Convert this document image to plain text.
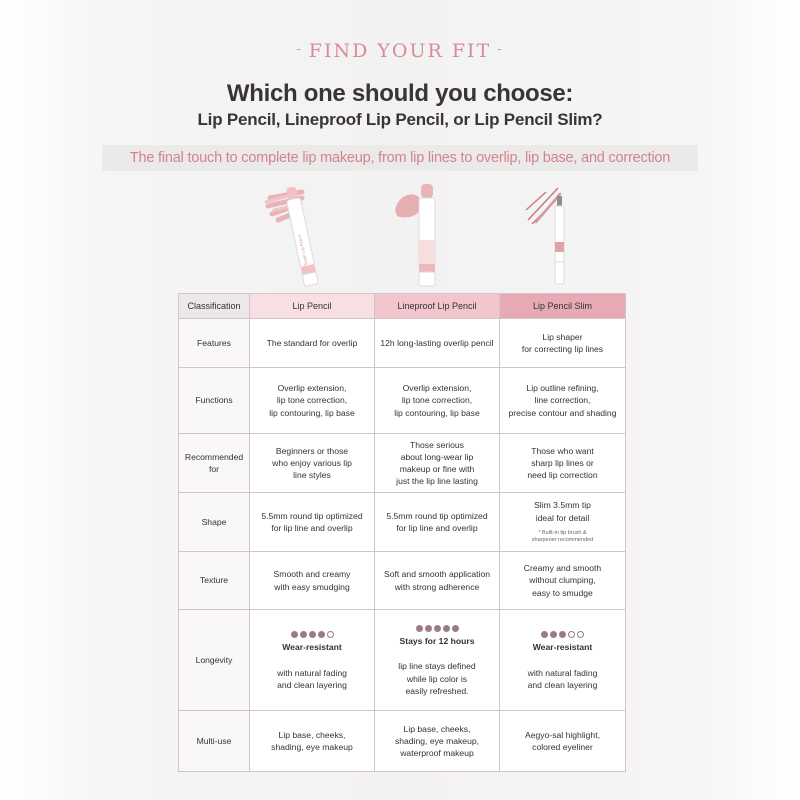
- FIND YOUR FIT -
Which one should you choose:
Lip Pencil, Lineproof Lip Pencil, or Lip Pencil Slim?
The final touch to complete lip makeup, from lip lines to overlip, lip base, and correction
Sugar Lip Pencil
Classification	Lip Pencil	Lineproof Lip Pencil	Lip Pencil Slim
Features	The standard for overlip	12h long-lasting overlip pencil	Lip shaper
for correcting lip lines
Functions	Overlip extension,
lip tone correction,
lip contouring, lip base	Overlip extension,
lip tone correction,
lip contouring, lip base	Lip outline refining,
line correction,
precise contour and shading
Recommended
for	Beginners or those
who enjoy various lip
line styles	Those serious
about long-wear lip
makeup or fine with
just the lip line lasting	Those who want
sharp lip lines or
need lip correction
Shape	5.5mm round tip optimized
for lip line and overlip	5.5mm round tip optimized
for lip line and overlip	Slim 3.5mm tip
ideal for detail
* Built-in tip brush &
sharpener recommended

Texture	Smooth and creamy
with easy smudging	Soft and smooth application
with strong adherence	Creamy and smooth
without clumping,
easy to smudge
Longevity	Wear-resistant
with natural fading
and clean layering	Stays for 12 hours
lip line stays defined
while lip color is
easily refreshed.	Wear-resistant
with natural fading
and clean layering

Multi-use	Lip base, cheeks,
shading, eye makeup	Lip base, cheeks,
shading, eye makeup,
waterproof makeup	Aegyo-sal highlight,
colored eyeliner
